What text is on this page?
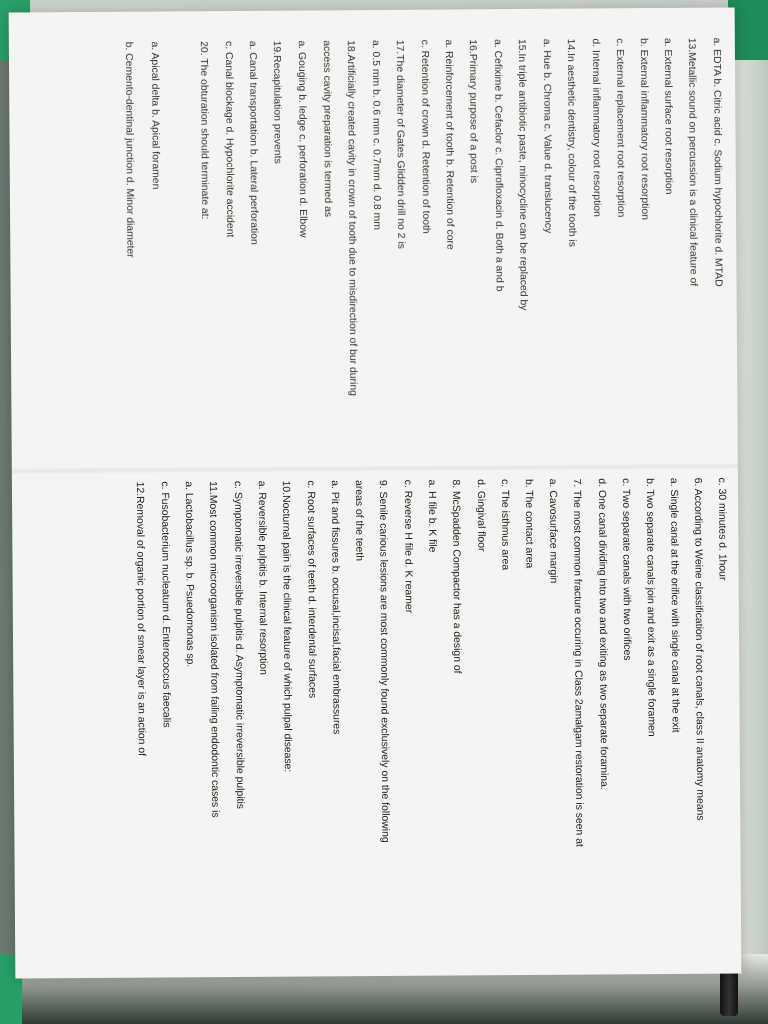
a. EDTA b. Citric acid c. Sodium hypochlorite d. MTAD
13.Metallic sound on percussion is a clinical feature of
a. External surface root resorption
b. External inflammatory root resorption
c. External replacement root resorption
d. Internal inflammatory root resorption
14.In aesthetic dentistry, colour of the tooth is
a. Hue b. Chroma c. Value d. translucency
15.In triple antibiotic paste, minocycline can be replaced by
a. Cefixime b. Cefaclor c. Ciprofloxacin d. Both a and b
16.Primary purpose of a post is
a. Reinforcement of tooth b. Retention of core
c. Retention of crown d. Retention of tooth
17.The diameter of Gates Glidden drill no 2 is
a. 0.5 mm b. 0.6 mm c. 0.7mm d. 0.8 mm
18.Artificially created cavity in crown of tooth due to misdirection of bur during
access cavity preparation is termed as
a. Gouging b. ledge c. perforation d. Elbow
19.Recapitulation prevents
a. Canal transportation b. Lateral perforation
c. Canal blockage d. Hypochlorite accident
20. The obturation should terminate at:
a. Apical delta b. Apical foramen
b. Cemento-dentinal junction d. Minor diameter
c. 30 minutes d. 1hour
6. According to Weine classification of root canals, class II anatomy means
a. Single canal at the orifice with single canal at the exit
b. Two separate canals join and exit as a single foramen
c. Two separate canals with two orifices
d. One canal dividing into two and exiting as two separate foramina.
7. The most common fracture occuring in Class 2amalgam restoration is seen at
a. Cavosurface margin
b. The contact area
c. The isthmus area
d. Gingival floor
8. McSpadden Compactor has a design of
a. H file b. K file
c. Reverse H file d. K reamer
9. Senile carious lesions are most commonly found exclusively on the following
areas of the teeth
a. Pit and fissures b. occusal,incisal,facial embrassures
c. Root surfaces of teeth d. interdental surfaces
10.Nocturnal pain is the clinical feature of which pulpal disease:
a. Reversible pulpitis b. Internal resorption
c. Symptomatic irreversible pulpitis d. Asymptomatic irreversible pulpitis
11.Most common microorganism isolated from failing endodontic cases is
a. Lactobacillus sp. b. Psuedomonas sp.
c. Fusobacterium nucleatum d. Enterococcus faecalis
12.Removal of organic portion of smear layer is an action of
